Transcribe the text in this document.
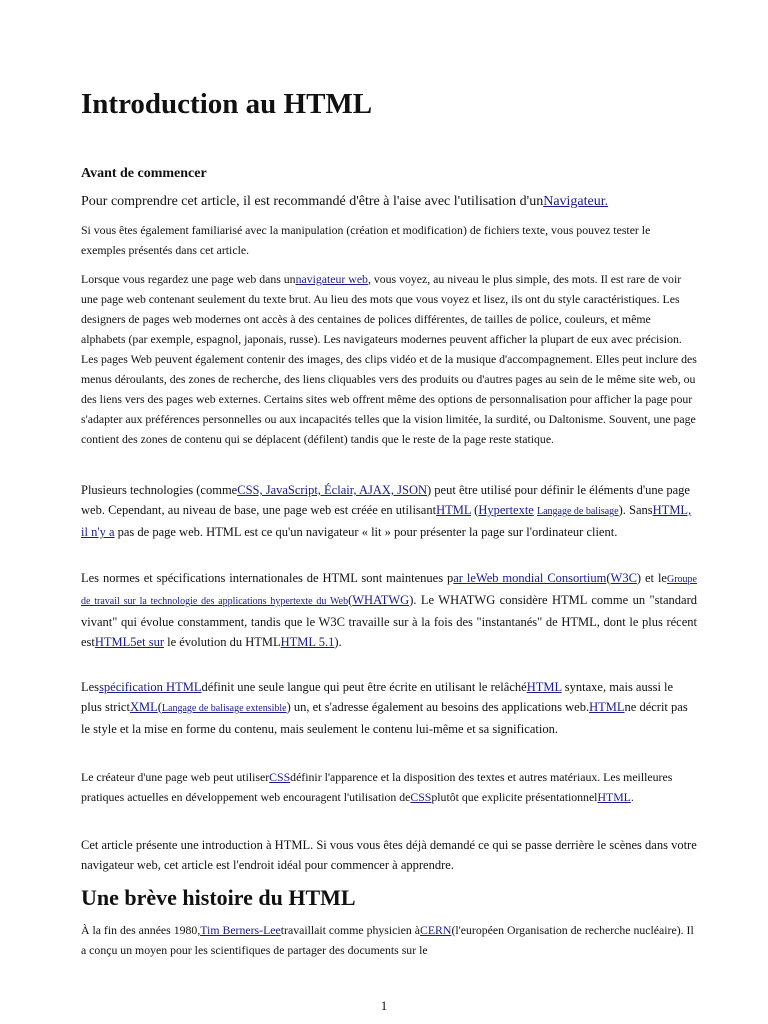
Introduction au HTML

Avant de commencer

Pour comprendre cet article, il est recommandé d'être à l'aise avec l'utilisation d'unNavigateur.

Si vous êtes également familiarisé avec la manipulation (création et modification) de fichiers texte, vous pouvez tester le exemples présentés dans cet article.

Lorsque vous regardez une page web dans unnavigateur web, vous voyez, au niveau le plus simple, des mots. Il est rare de voir une page web contenant seulement du texte brut. Au lieu des mots que vous voyez et lisez, ils ont du style caractéristiques. Les designers de pages web modernes ont accès à des centaines de polices différentes, de tailles de police, couleurs, et même alphabets (par exemple, espagnol, japonais, russe). Les navigateurs modernes peuvent afficher la plupart de eux avec précision. Les pages Web peuvent également contenir des images, des clips vidéo et de la musique d'accompagnement. Elles peut inclure des menus déroulants, des zones de recherche, des liens cliquables vers des produits ou d'autres pages au sein de le même site web, ou des liens vers des pages web externes. Certains sites web offrent même des options de personnalisation pour afficher la page pour s'adapter aux préférences personnelles ou aux incapacités telles que la vision limitée, la surdité, ou Daltonisme. Souvent, une page contient des zones de contenu qui se déplacent (défilent) tandis que le reste de la page reste statique.

Plusieurs technologies (commeCSS, JavaScript, Éclair, AJAX, JSON) peut être utilisé pour définir le éléments d'une page web. Cependant, au niveau de base, une page web est créée en utilisantHTML (Hypertexte Langage de balisage). SansHTML, il n'y a pas de page web. HTML est ce qu'un navigateur « lit » pour présenter la page sur l'ordinateur client.

Les normes et spécifications internationales de HTML sont maintenues par leWeb mondial Consortium(W3C) et leGroupe de travail sur la technologie des applications hypertexte du Web(WHATWG). Le WHATWG considère HTML comme un "standard vivant" qui évolue constamment, tandis que le W3C travaille sur à la fois des "instantanés" de HTML, dont le plus récent estHTML5et sur le évolution du HTMLHTML 5.1).

Lesspécification HTMLdéfinit une seule langue qui peut être écrite en utilisant le relâchéHTML syntaxe, mais aussi le plus strictXML(Langage de balisage extensible) un, et s'adresse également au besoins des applications web.HTMLne décrit pas le style et la mise en forme du contenu, mais seulement le contenu lui-même et sa signification.

Le créateur d'une page web peut utiliserCSSdéfinir l'apparence et la disposition des textes et autres matériaux. Les meilleures pratiques actuelles en développement web encouragent l'utilisation deCSSplutôt que explicite présentationnelHTML.

Cet article présente une introduction à HTML. Si vous vous êtes déjà demandé ce qui se passe derrière le scènes dans votre navigateur web, cet article est l'endroit idéal pour commencer à apprendre.

Une brève histoire du HTML

À la fin des années 1980,Tim Berners-Leetravaillait comme physicien àCERN(l'européen Organisation de recherche nucléaire). Il a conçu un moyen pour les scientifiques de partager des documents sur le

1
